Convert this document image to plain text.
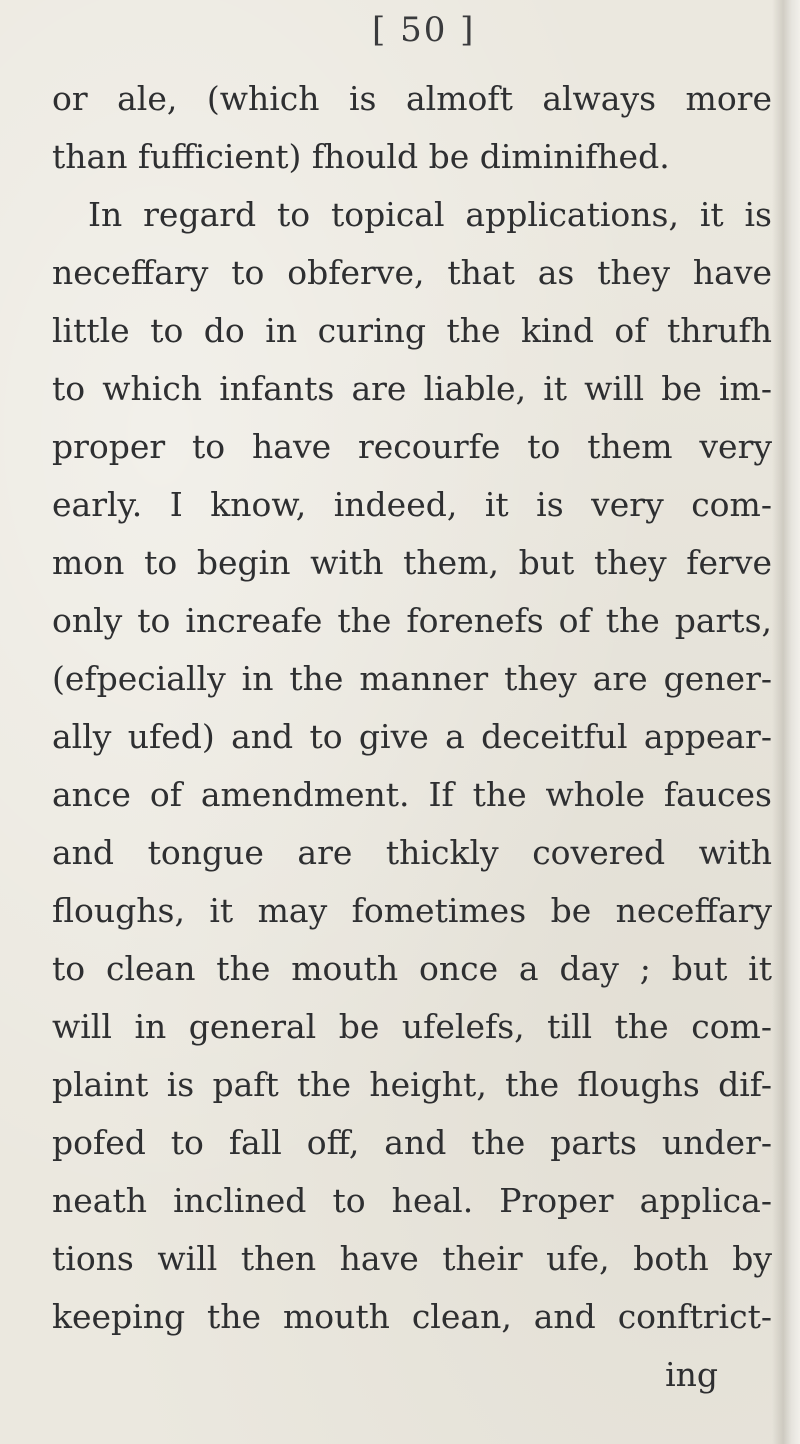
[ 50 ]
or ale, (which is almoft always more
than fufficient) fhould be diminifhed.
In regard to topical applications, it is
neceffary to obferve, that as they have
little to do in curing the kind of thrufh
to which infants are liable, it will be im-
proper to have recourfe to them very
early. I know, indeed, it is very com-
mon to begin with them, but they ferve
only to increafe the forenefs of the parts,
(efpecially in the manner they are gener-
ally ufed) and to give a deceitful appear-
ance of amendment. If the whole fauces
and tongue are thickly covered with
floughs, it may fometimes be neceffary
to clean the mouth once a day ; but it
will in general be ufelefs, till the com-
plaint is paft the height, the floughs dif-
pofed to fall off, and the parts under-
neath inclined to heal. Proper applica-
tions will then have their ufe, both by
keeping the mouth clean, and conftrict-
ing
